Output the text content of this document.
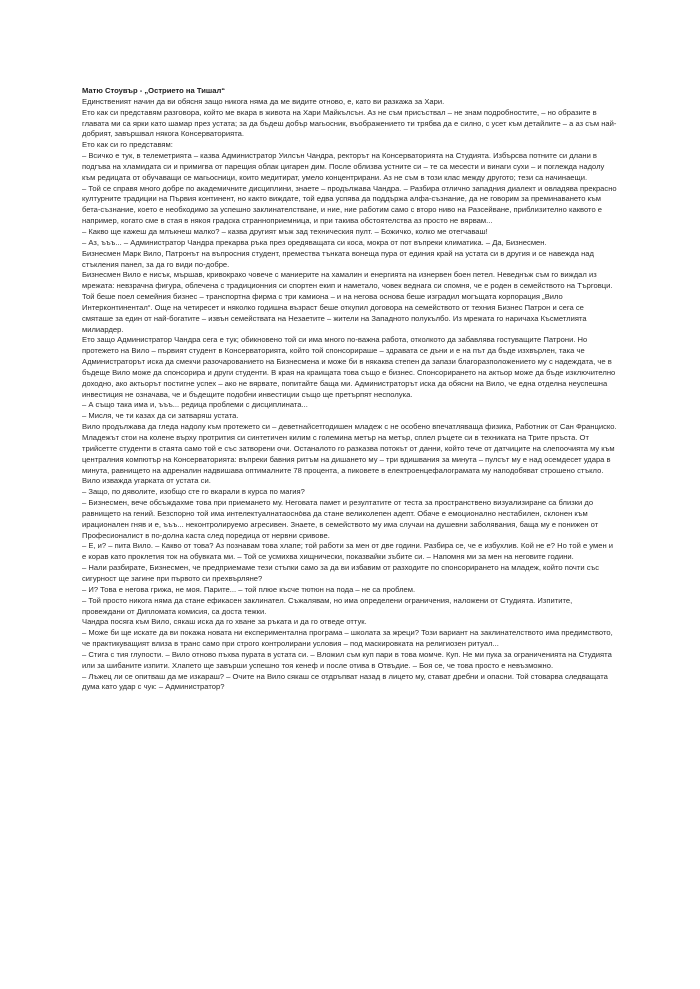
Матю Стоувър - „Острието на Тишал“

Единственият начин да ви обясня защо никога няма да ме видите отново, е, като ви разкажа за Хари.

Ето как си представям разговора, който ме вкара в живота на Хари Майкълсън. Аз не съм присъствал – не знам подробностите, – но образите в главата ми са ярки като шамар през устата; за да бъдеш добър магьосник, въображението ти трябва да е силно, с усет към детайлите – а аз съм най-добрият, завършвал някога Консерваторията.

Ето как си го представям:

– Всичко е тук, в телеметрията – казва Администратор Уилсън Чандра, ректорът на Консерваторията на Студията. Избърсва потните си длани в подгъва на хламидата си и примигва от парещия облак цигарен дим. После облизва устните си – те са месести и винаги сухи – и поглежда надолу към редицата от обучаващи се магьосници, които медитират, умело концентрирани. Аз не съм в този клас между другото; тези са начинаещи.

– Той се справя много добре по академичните дисциплини, знаете – продължава Чандра. – Разбира отлично западния диалект и овладява прекрасно културните традиции на Първия континент, но както виждате, той едва успява да поддържа алфа-съзнание, да не говорим за преминаването към бета-съзнание, което е необходимо за успешно заклинателстване, и ние, ние работим само с второ ниво на Разсейване, приблизително каквото е например, когато сме в стая в някоя градска странноприемница, и при такива обстоятелства аз просто не вярвам...

– Какво ще кажеш да млъкнеш малко? – казва другият мъж зад техническия пулт. – Божичко, колко ме отегчаваш!

– Аз, ъъъ... – Администратор Чандра прекарва ръка през оредяващата си коса, мокра от пот въпреки климатика. – Да, Бизнесмен.

Бизнесмен Марк Вило, Патронът на въпросния студент, премества тънката вонеща пура от единия край на устата си в другия и се навежда над стъкления панел, за да го види по-добре.

Бизнесмен Вило е нисък, мършав, кривокрако човече с маниерите на хамалин и енергията на изнервен боен петел. Неведнъж съм го виждал из мрежата: невзрачна фигура, облечена с традиционния си спортен екип и наметало, човек веднага си спомня, че е роден в семейството на Търговци. Той беше поел семейния бизнес – транспортна фирма с три камиона – и на неговa основа беше изградил могъщата корпорация „Вило Интерконтинентал“. Още на четиресет и няколко годишна възраст беше откупил договора на семейството от техния Бизнес Патрон и сега се смяташе за един от най-богатите – извън семействата на Незаетите – жители на Западното полукълбо. Из мрежата го наричаха Късметлията милиардер.

Ето защо Администратор Чандра сега е тук; обикновено той си има много по-важна работа, отколкото да забавлява гостуващите Патрони. Но протежето на Вило – първият студент в Консерваторията, който той спонсорираше – здравата се дъни и е на път да бъде изхвърлен, така че Администраторът иска да смекчи разочарованието на Бизнесмена и може би в някаква степен да запази благоразположението му с надеждата, че в бъдеще Вило може да спонсорира и други студенти. В края на краищата това също е бизнес. Спонсорирането на актьор може да бъде изключително доходно, ако актьорът постигне успех – ако не вярвате, попитайте баща ми. Администраторът иска да обясни на Вило, че една отделна неуспешна инвестиция не означава, че и бъдещите подобни инвестиции също ще претърпят несполука.

– А също така има и, ъъъ... редица проблеми с дисциплината...

– Мисля, че ти казах да си затваряш устата.

Вило продължава да гледа надолу към протежето си – деветнайсетгодишен младеж с не особено впечатляваща физика, Работник от Сан Франциско.

Младежът стои на колене върху протрития си синтетичен килим с големина метър на метър, сплел ръцете си в техниката на Трите пръста. От трийсетте студенти в стаята само той е със затворени очи. Останалото го разказва потокът от данни, който тече от датчиците на слепоочията му към централния компютър на Консерваторията: въпреки бавния ритъм на дишането му – три вдишвания за минута – пулсът му е над осемдесет удара в минута, равнището на адреналин надвишава оптималните 78 процента, а пиковете в електроенцефалограмата му наподобяват строшено стъкло.

Вило изважда угарката от устата си.

– Защо, по дяволите, изобщо сте го вкарали в курса по магия?

– Бизнесмен, вече обсъждахме това при приемането му. Неговата памет и резултатите от теста за пространствено визуализиране са близки до равнището на гений. Безспорно той има интелектуалнатаосно̀ва да стане великолепен адепт. Обаче е емоционално нестабилен, склонен към ирационален гняв и е, ъъъ... неконтролируемо агресивен. Знаете, в семейството му има случаи на душевни заболявания, баща му е понижен от Професионалист в по-долна каста след поредица от нервни сривове.

– Е, и? – пита Вило. – Какво от това? Аз познавам това хлапе; той работи за мен от две години. Разбира се, че е избухлив. Кой не е? Но той е умен и е корав като проклетия ток на обувката ми. – Той се усмихва хищнически, показвайки зъбите си. – Напомня ми за мен на неговите години.

– Нали разбирате, Бизнесмен, че предприемаме тези стъпки само за да ви избавим от разходите по спонсорирането на младеж, който почти със сигурност ще загине при първото си прехвърляне?

– И? Това е негова грижа, не моя. Парите... – той плюе късче тютюн на пода – не са проблем.

– Той просто никога няма да стане ефикасен заклинател. Съжалявам, но има определени ограничения, наложени от Студията. Изпитите, провеждани от Дипломата комисия, са доста тежки.

Чандра посяга към Вило, сякаш иска да го хване за ръката и да го отведе оттук.

– Може би ще искате да ви покажа новата ни експериментална програма – школата за жреци? Този вариант на заклинателството има предимството, че практикуващият влиза в транс само при строго контролирани условия – под маскировката на религиозен ритуал...

– Стига с тия глупости. – Вило отново пъхва пурата в устата си. – Вложил съм куп пари в това момче. Куп. Не ми пука за ограниченията на Студията или за шибаните изпити. Хлапето ще завърши успешно тоя кенеф и после отива в Отвъдие. – Боя се, че това просто е невъзможно.

– Лъжец ли се опитваш да ме изкараш? – Очите на Вило сякаш се отдръпват назад в лицето му, стават дребни и опасни. Той стоварва следващата дума като удар с чук: – Администратор?
